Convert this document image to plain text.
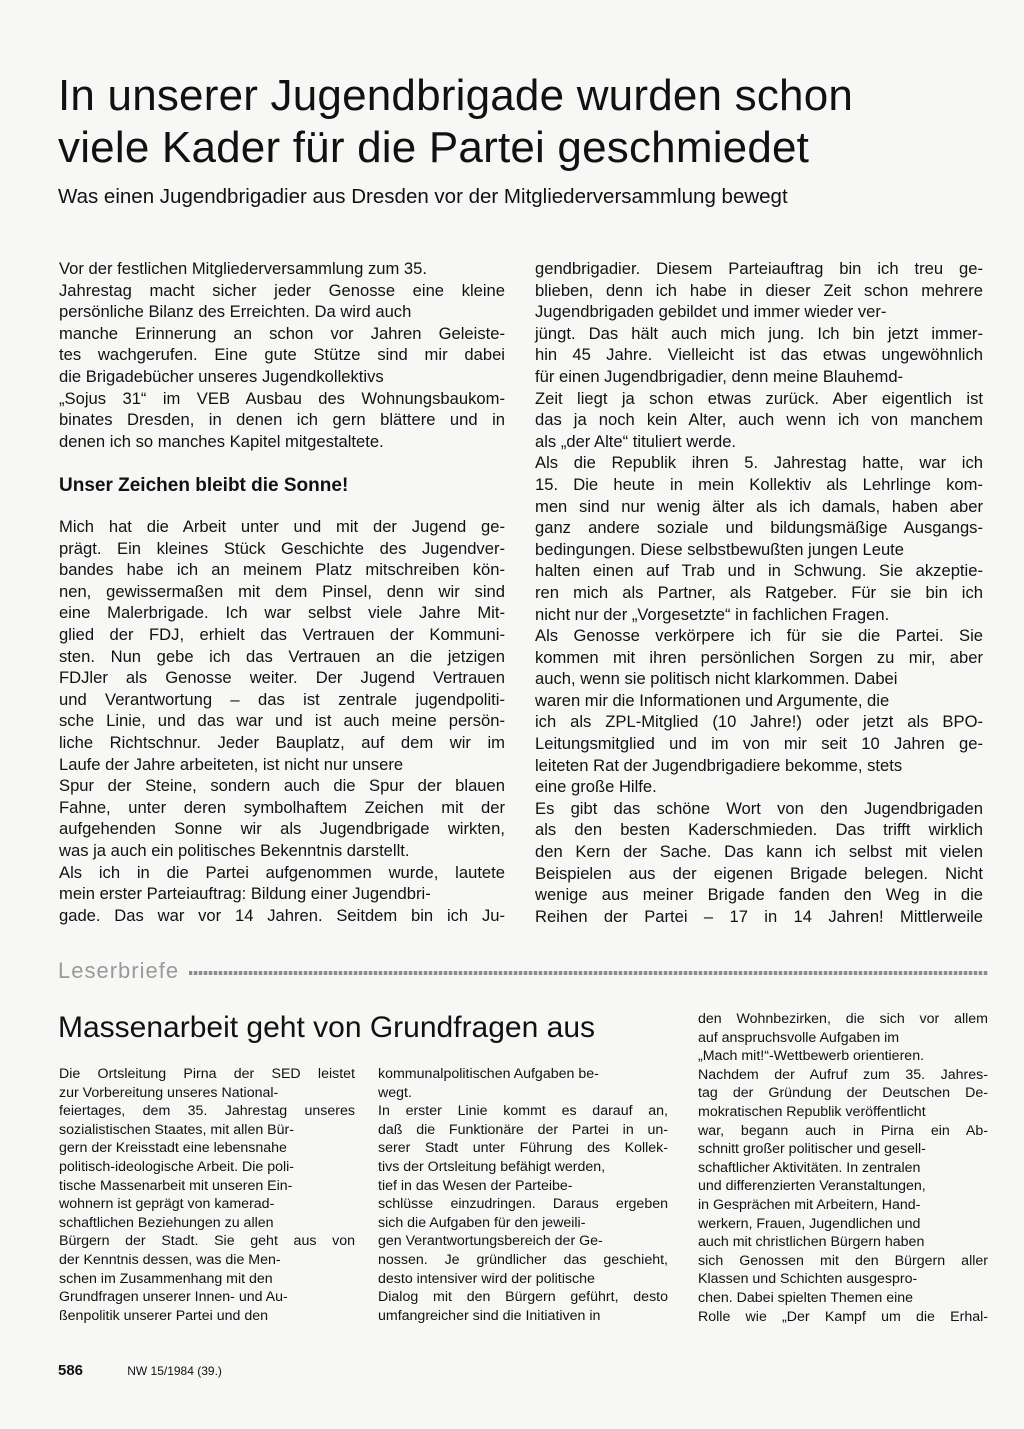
In unserer Jugendbrigade wurden schon
viele Kader für die Partei geschmiedet

Was einen Jugendbrigadier aus Dresden vor der Mitgliederversammlung bewegt

Vor der festlichen Mitgliederversammlung zum 35.
Jahrestag macht sicher jeder Genosse eine kleine
persönliche Bilanz des Erreichten. Da wird auch
manche Erinnerung an schon vor Jahren Geleiste-
tes wachgerufen. Eine gute Stütze sind mir dabei
die Brigadebücher unseres Jugendkollektivs
„Sojus 31“ im VEB Ausbau des Wohnungsbaukom-
binates Dresden, in denen ich gern blättere und in
denen ich so manches Kapitel mitgestaltete.
Unser Zeichen bleibt die Sonne!
Mich hat die Arbeit unter und mit der Jugend ge-
prägt. Ein kleines Stück Geschichte des Jugendver-
bandes habe ich an meinem Platz mitschreiben kön-
nen, gewissermaßen mit dem Pinsel, denn wir sind
eine Malerbrigade. Ich war selbst viele Jahre Mit-
glied der FDJ, erhielt das Vertrauen der Kommuni-
sten. Nun gebe ich das Vertrauen an die jetzigen
FDJler als Genosse weiter. Der Jugend Vertrauen
und Verantwortung – das ist zentrale jugendpoliti-
sche Linie, und das war und ist auch meine persön-
liche Richtschnur. Jeder Bauplatz, auf dem wir im
Laufe der Jahre arbeiteten, ist nicht nur unsere
Spur der Steine, sondern auch die Spur der blauen
Fahne, unter deren symbolhaftem Zeichen mit der
aufgehenden Sonne wir als Jugendbrigade wirkten,
was ja auch ein politisches Bekenntnis darstellt.
Als ich in die Partei aufgenommen wurde, lautete
mein erster Parteiauftrag: Bildung einer Jugendbri-
gade. Das war vor 14 Jahren. Seitdem bin ich Ju-
gendbrigadier. Diesem Parteiauftrag bin ich treu ge-
blieben, denn ich habe in dieser Zeit schon mehrere
Jugendbrigaden gebildet und immer wieder ver-
jüngt. Das hält auch mich jung. Ich bin jetzt immer-
hin 45 Jahre. Vielleicht ist das etwas ungewöhnlich
für einen Jugendbrigadier, denn meine Blauhemd-
Zeit liegt ja schon etwas zurück. Aber eigentlich ist
das ja noch kein Alter, auch wenn ich von manchem
als „der Alte“ tituliert werde.
Als die Republik ihren 5. Jahrestag hatte, war ich
15. Die heute in mein Kollektiv als Lehrlinge kom-
men sind nur wenig älter als ich damals, haben aber
ganz andere soziale und bildungsmäßige Ausgangs-
bedingungen. Diese selbstbewußten jungen Leute
halten einen auf Trab und in Schwung. Sie akzeptie-
ren mich als Partner, als Ratgeber. Für sie bin ich
nicht nur der „Vorgesetzte“ in fachlichen Fragen.
Als Genosse verkörpere ich für sie die Partei. Sie
kommen mit ihren persönlichen Sorgen zu mir, aber
auch, wenn sie politisch nicht klarkommen. Dabei
waren mir die Informationen und Argumente, die
ich als ZPL-Mitglied (10 Jahre!) oder jetzt als BPO-
Leitungsmitglied und im von mir seit 10 Jahren ge-
leiteten Rat der Jugendbrigadiere bekomme, stets
eine große Hilfe.
Es gibt das schöne Wort von den Jugendbrigaden
als den besten Kaderschmieden. Das trifft wirklich
den Kern der Sache. Das kann ich selbst mit vielen
Beispielen aus der eigenen Brigade belegen. Nicht
wenige aus meiner Brigade fanden den Weg in die
Reihen der Partei – 17 in 14 Jahren! Mittlerweile
Leserbriefe
Massenarbeit geht von Grundfragen aus
Die Ortsleitung Pirna der SED leistet
zur Vorbereitung unseres National-
feiertages, dem 35. Jahrestag unseres
sozialistischen Staates, mit allen Bür-
gern der Kreisstadt eine lebensnahe
politisch-ideologische Arbeit. Die poli-
tische Massenarbeit mit unseren Ein-
wohnern ist geprägt von kamerad-
schaftlichen Beziehungen zu allen
Bürgern der Stadt. Sie geht aus von
der Kenntnis dessen, was die Men-
schen im Zusammenhang mit den
Grundfragen unserer Innen- und Au-
ßenpolitik unserer Partei und den
kommunalpolitischen Aufgaben be-
wegt.
In erster Linie kommt es darauf an,
daß die Funktionäre der Partei in un-
serer Stadt unter Führung des Kollek-
tivs der Ortsleitung befähigt werden,
tief in das Wesen der Parteibe-
schlüsse einzudringen. Daraus ergeben
sich die Aufgaben für den jeweili-
gen Verantwortungsbereich der Ge-
nossen. Je gründlicher das geschieht,
desto intensiver wird der politische
Dialog mit den Bürgern geführt, desto
umfangreicher sind die Initiativen in
den Wohnbezirken, die sich vor allem
auf anspruchsvolle Aufgaben im
„Mach mit!“-Wettbewerb orientieren.
Nachdem der Aufruf zum 35. Jahres-
tag der Gründung der Deutschen De-
mokratischen Republik veröffentlicht
war, begann auch in Pirna ein Ab-
schnitt großer politischer und gesell-
schaftlicher Aktivitäten. In zentralen
und differenzierten Veranstaltungen,
in Gesprächen mit Arbeitern, Hand-
werkern, Frauen, Jugendlichen und
auch mit christlichen Bürgern haben
sich Genossen mit den Bürgern aller
Klassen und Schichten ausgespro-
chen. Dabei spielten Themen eine
Rolle wie „Der Kampf um die Erhal-
586	NW 15/1984 (39.)
